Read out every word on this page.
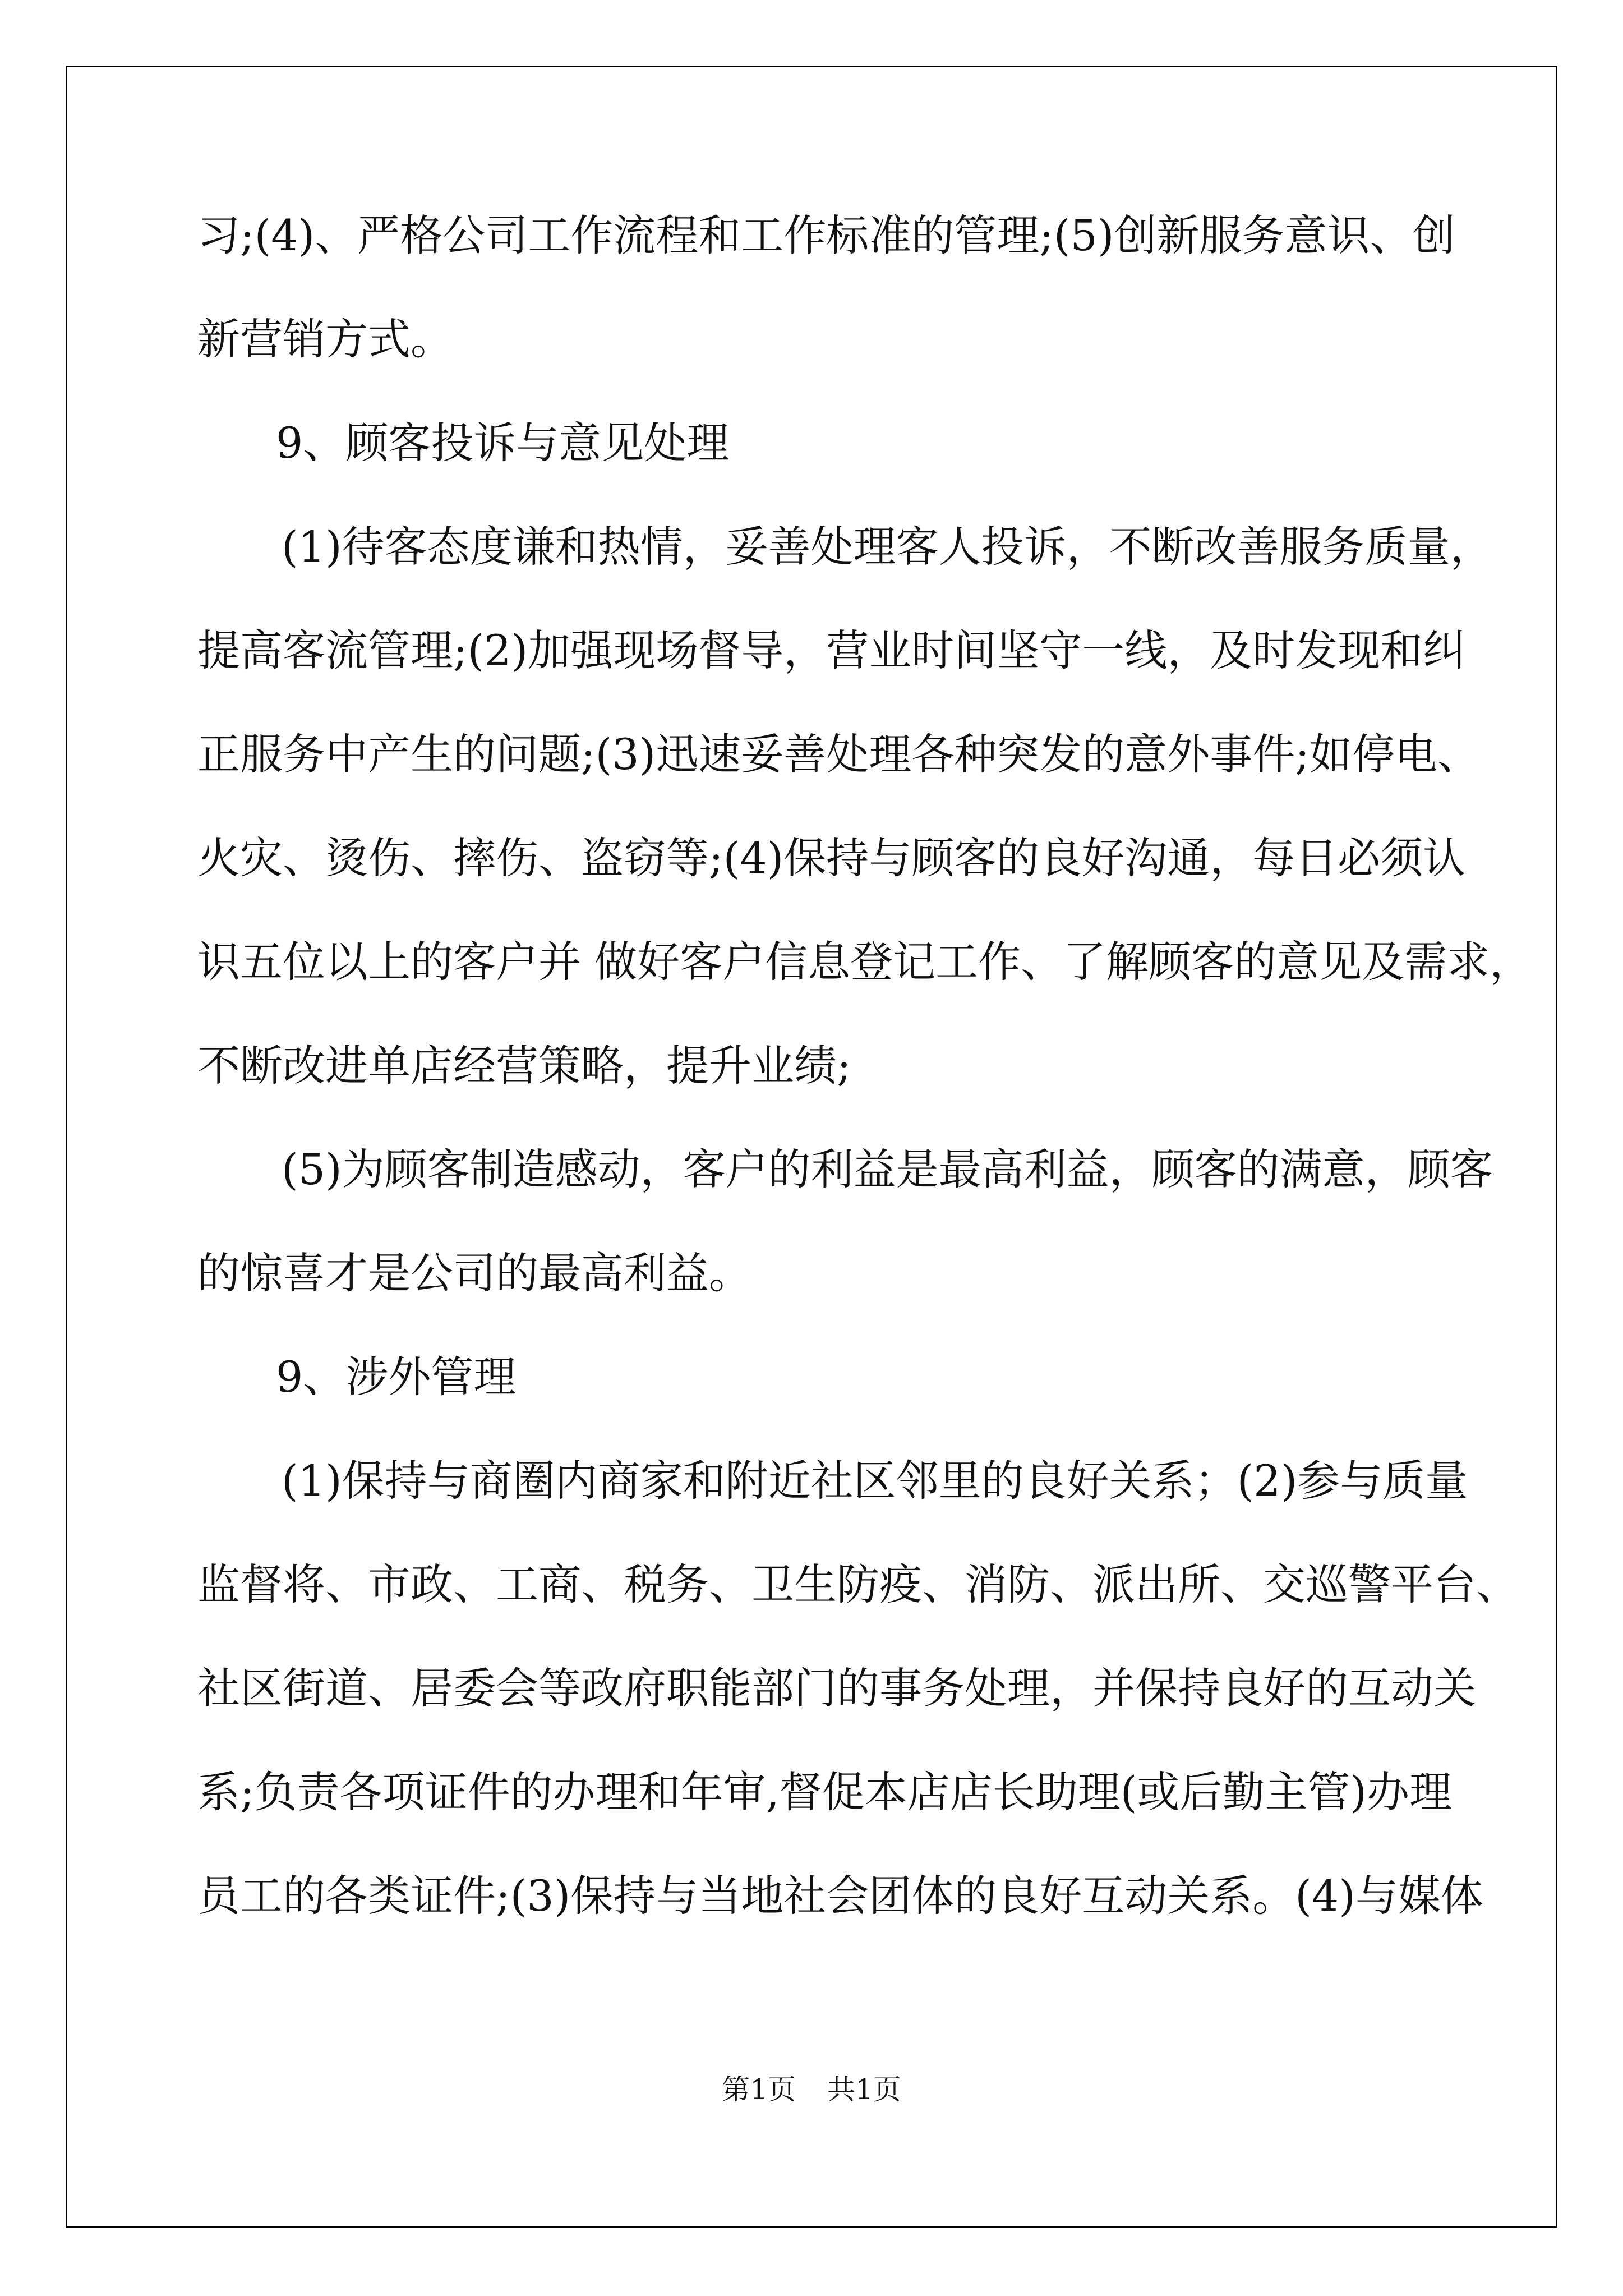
习;(4)、严格公司工作流程和工作标准的管理;(5)创新服务意识、创
新营销方式。
9、顾客投诉与意见处理
(1)待客态度谦和热情，妥善处理客人投诉，不断改善服务质量，
提高客流管理;(2)加强现场督导，营业时间坚守一线，及时发现和纠
正服务中产生的问题;(3)迅速妥善处理各种突发的意外事件;如停电、
火灾、烫伤、摔伤、盗窃等;(4)保持与顾客的良好沟通，每日必须认
识五位以上的客户并 做好客户信息登记工作、了解顾客的意见及需求，
不断改进单店经营策略，提升业绩;
(5)为顾客制造感动，客户的利益是最高利益，顾客的满意，顾客
的惊喜才是公司的最高利益。
9、涉外管理
(1)保持与商圈内商家和附近社区邻里的良好关系；(2)参与质量
监督将、市政、工商、税务、卫生防疫、消防、派出所、交巡警平台、
社区街道、居委会等政府职能部门的事务处理，并保持良好的互动关
系;负责各项证件的办理和年审,督促本店店长助理(或后勤主管)办理
员工的各类证件;(3)保持与当地社会团体的良好互动关系。(4)与媒体
第1页 共1页
